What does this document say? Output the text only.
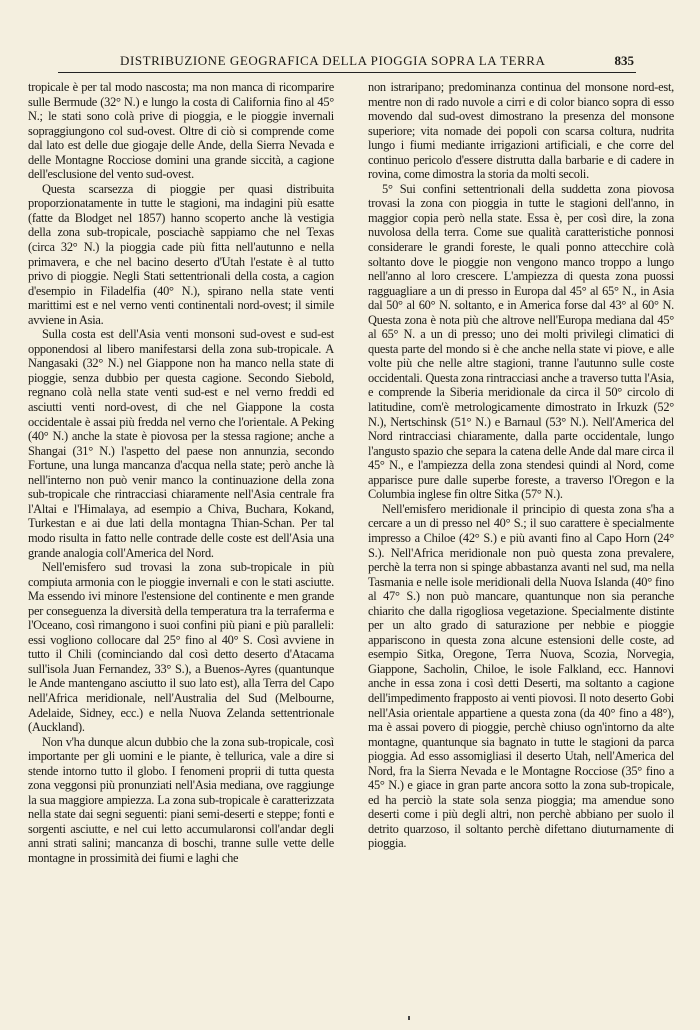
DISTRIBUZIONE GEOGRAFICA DELLA PIOGGIA SOPRA LA TERRA	835

tropicale è per tal modo nascosta; ma non manca di ricomparire sulle Bermude (32° N.) e lungo la costa di California fino al 45° N.; le stati sono colà prive di pioggia, e le pioggie invernali sopraggiungono col sud-ovest. Oltre di ciò si comprende come dal lato est delle due giogaje delle Ande, della Sierra Nevada e delle Montagne Rocciose domini una grande siccità, a cagione dell'esclusione del vento sud-ovest.

Questa scarsezza di pioggie per quasi distribuita proporzionatamente in tutte le stagioni, ma indagini più esatte (fatte da Blodget nel 1857) hanno scoperto anche là vestigia della zona sub-tropicale, posciachè sappiamo che nel Texas (circa 32° N.) la pioggia cade più fitta nell'autunno e nella primavera, e che nel bacino deserto d'Utah l'estate è al tutto privo di pioggie. Negli Stati settentrionali della costa, a cagion d'esempio in Filadelfia (40° N.), spirano nella state venti marittimi est e nel verno venti continentali nord-ovest; il simile avviene in Asia.

Sulla costa est dell'Asia venti monsoni sud-ovest e sud-est opponendosi al libero manifestarsi della zona sub-tropicale. A Nangasaki (32° N.) nel Giappone non ha manco nella state di pioggie, senza dubbio per questa cagione. Secondo Siebold, regnano colà nella state venti sud-est e nel verno freddi ed asciutti venti nord-ovest, di che nel Giappone la costa occidentale è assai più fredda nel verno che l'orientale. A Peking (40° N.) anche la state è piovosa per la stessa ragione; anche a Shangai (31° N.) l'aspetto del paese non annunzia, secondo Fortune, una lunga mancanza d'acqua nella state; però anche là nell'interno non può venir manco la continuazione della zona sub-tropicale che rintracciasi chiaramente nell'Asia centrale fra l'Altai e l'Himalaya, ad esempio a Chiva, Buchara, Kokand, Turkestan e ai due lati della montagna Thian-Schan. Per tal modo risulta in fatto nelle contrade delle coste est dell'Asia una grande analogia coll'America del Nord.

Nell'emisfero sud trovasi la zona sub-tropicale in più compiuta armonia con le pioggie invernali e con le stati asciutte. Ma essendo ivi minore l'estensione del continente e men grande per conseguenza la diversità della temperatura tra la terraferma e l'Oceano, così rimangono i suoi confini più piani e più paralleli: essi vogliono collocare dal 25° fino al 40° S. Così avviene in tutto il Chili (cominciando dal così detto deserto d'Atacama sull'isola Juan Fernandez, 33° S.), a Buenos-Ayres (quantunque le Ande mantengano asciutto il suo lato est), alla Terra del Capo nell'Africa meridionale, nell'Australia del Sud (Melbourne, Adelaide, Sidney, ecc.) e nella Nuova Zelanda settentrionale (Auckland).

Non v'ha dunque alcun dubbio che la zona sub-tropicale, così importante per gli uomini e le piante, è tellurica, vale a dire si stende intorno tutto il globo. I fenomeni proprii di tutta questa zona veggonsi più pronunziati nell'Asia mediana, ove raggiunge la sua maggiore ampiezza. La zona sub-tropicale è caratterizzata nella state dai segni seguenti: piani semi-deserti e steppe; fonti e sorgenti asciutte, e nel cui letto accumularonsi coll'andar degli anni strati salini; mancanza di boschi, tranne sulle vette delle montagne in prossimità dei fiumi e laghi che

non istraripano; predominanza continua del monsone nord-est, mentre non di rado nuvole a cirri e di color bianco sopra di esso movendo dal sud-ovest dimostrano la presenza del monsone superiore; vita nomade dei popoli con scarsa coltura, nudrita lungo i fiumi mediante irrigazioni artificiali, e che corre del continuo pericolo d'essere distrutta dalla barbarie e di cadere in rovina, come dimostra la storia da molti secoli.

5° Sui confini settentrionali della suddetta zona piovosa trovasi la zona con pioggia in tutte le stagioni dell'anno, in maggior copia però nella state. Essa è, per così dire, la zona nuvolosa della terra. Come sue qualità caratteristiche ponnosi considerare le grandi foreste, le quali ponno attecchire colà soltanto dove le pioggie non vengono manco troppo a lungo nell'anno al loro crescere. L'ampiezza di questa zona puossi ragguagliare a un di presso in Europa dal 45° al 65° N., in Asia dal 50° al 60° N. soltanto, e in America forse dal 43° al 60° N. Questa zona è nota più che altrove nell'Europa mediana dal 45° al 65° N. a un di presso; uno dei molti privilegi climatici di questa parte del mondo si è che anche nella state vi piove, e alle volte più che nelle altre stagioni, tranne l'autunno sulle coste occidentali. Questa zona rintracciasi anche a traverso tutta l'Asia, e comprende la Siberia meridionale da circa il 50° circolo di latitudine, com'è metrologicamente dimostrato in Irkuzk (52° N.), Nertschinsk (51° N.) e Barnaul (53° N.). Nell'America del Nord rintracciasi chiaramente, dalla parte occidentale, lungo l'angusto spazio che separa la catena delle Ande dal mare circa il 45° N., e l'ampiezza della zona stendesi quindi al Nord, come apparisce pure dalle superbe foreste, a traverso l'Oregon e la Columbia inglese fin oltre Sitka (57° N.).

Nell'emisfero meridionale il principio di questa zona s'ha a cercare a un di presso nel 40° S.; il suo carattere è specialmente impresso a Chiloe (42° S.) e più avanti fino al Capo Horn (24° S.). Nell'Africa meridionale non può questa zona prevalere, perchè la terra non si spinge abbastanza avanti nel sud, ma nella Tasmania e nelle isole meridionali della Nuova Islanda (40° fino al 47° S.) non può mancare, quantunque non sia peranche chiarito che dalla rigogliosa vegetazione. Specialmente distinte per un alto grado di saturazione per nebbie e pioggie appariscono in questa zona alcune estensioni delle coste, ad esempio Sitka, Oregone, Terra Nuova, Scozia, Norvegia, Giappone, Sacholin, Chiloe, le isole Falkland, ecc. Hannovi anche in essa zona i così detti Deserti, ma soltanto a cagione dell'impedimento frapposto ai venti piovosi. Il noto deserto Gobi nell'Asia orientale appartiene a questa zona (da 40° fino a 48°), ma è assai povero di pioggie, perchè chiuso ogn'intorno da alte montagne, quantunque sia bagnato in tutte le stagioni da parca pioggia. Ad esso assomigliasi il deserto Utah, nell'America del Nord, fra la Sierra Nevada e le Montagne Rocciose (35° fino a 45° N.) e giace in gran parte ancora sotto la zona sub-tropicale, ed ha perciò la state sola senza pioggia; ma amendue sono deserti come i più degli altri, non perchè abbiano per suolo il detrito quarzoso, il soltanto perchè difettano diuturnamente di pioggia.
